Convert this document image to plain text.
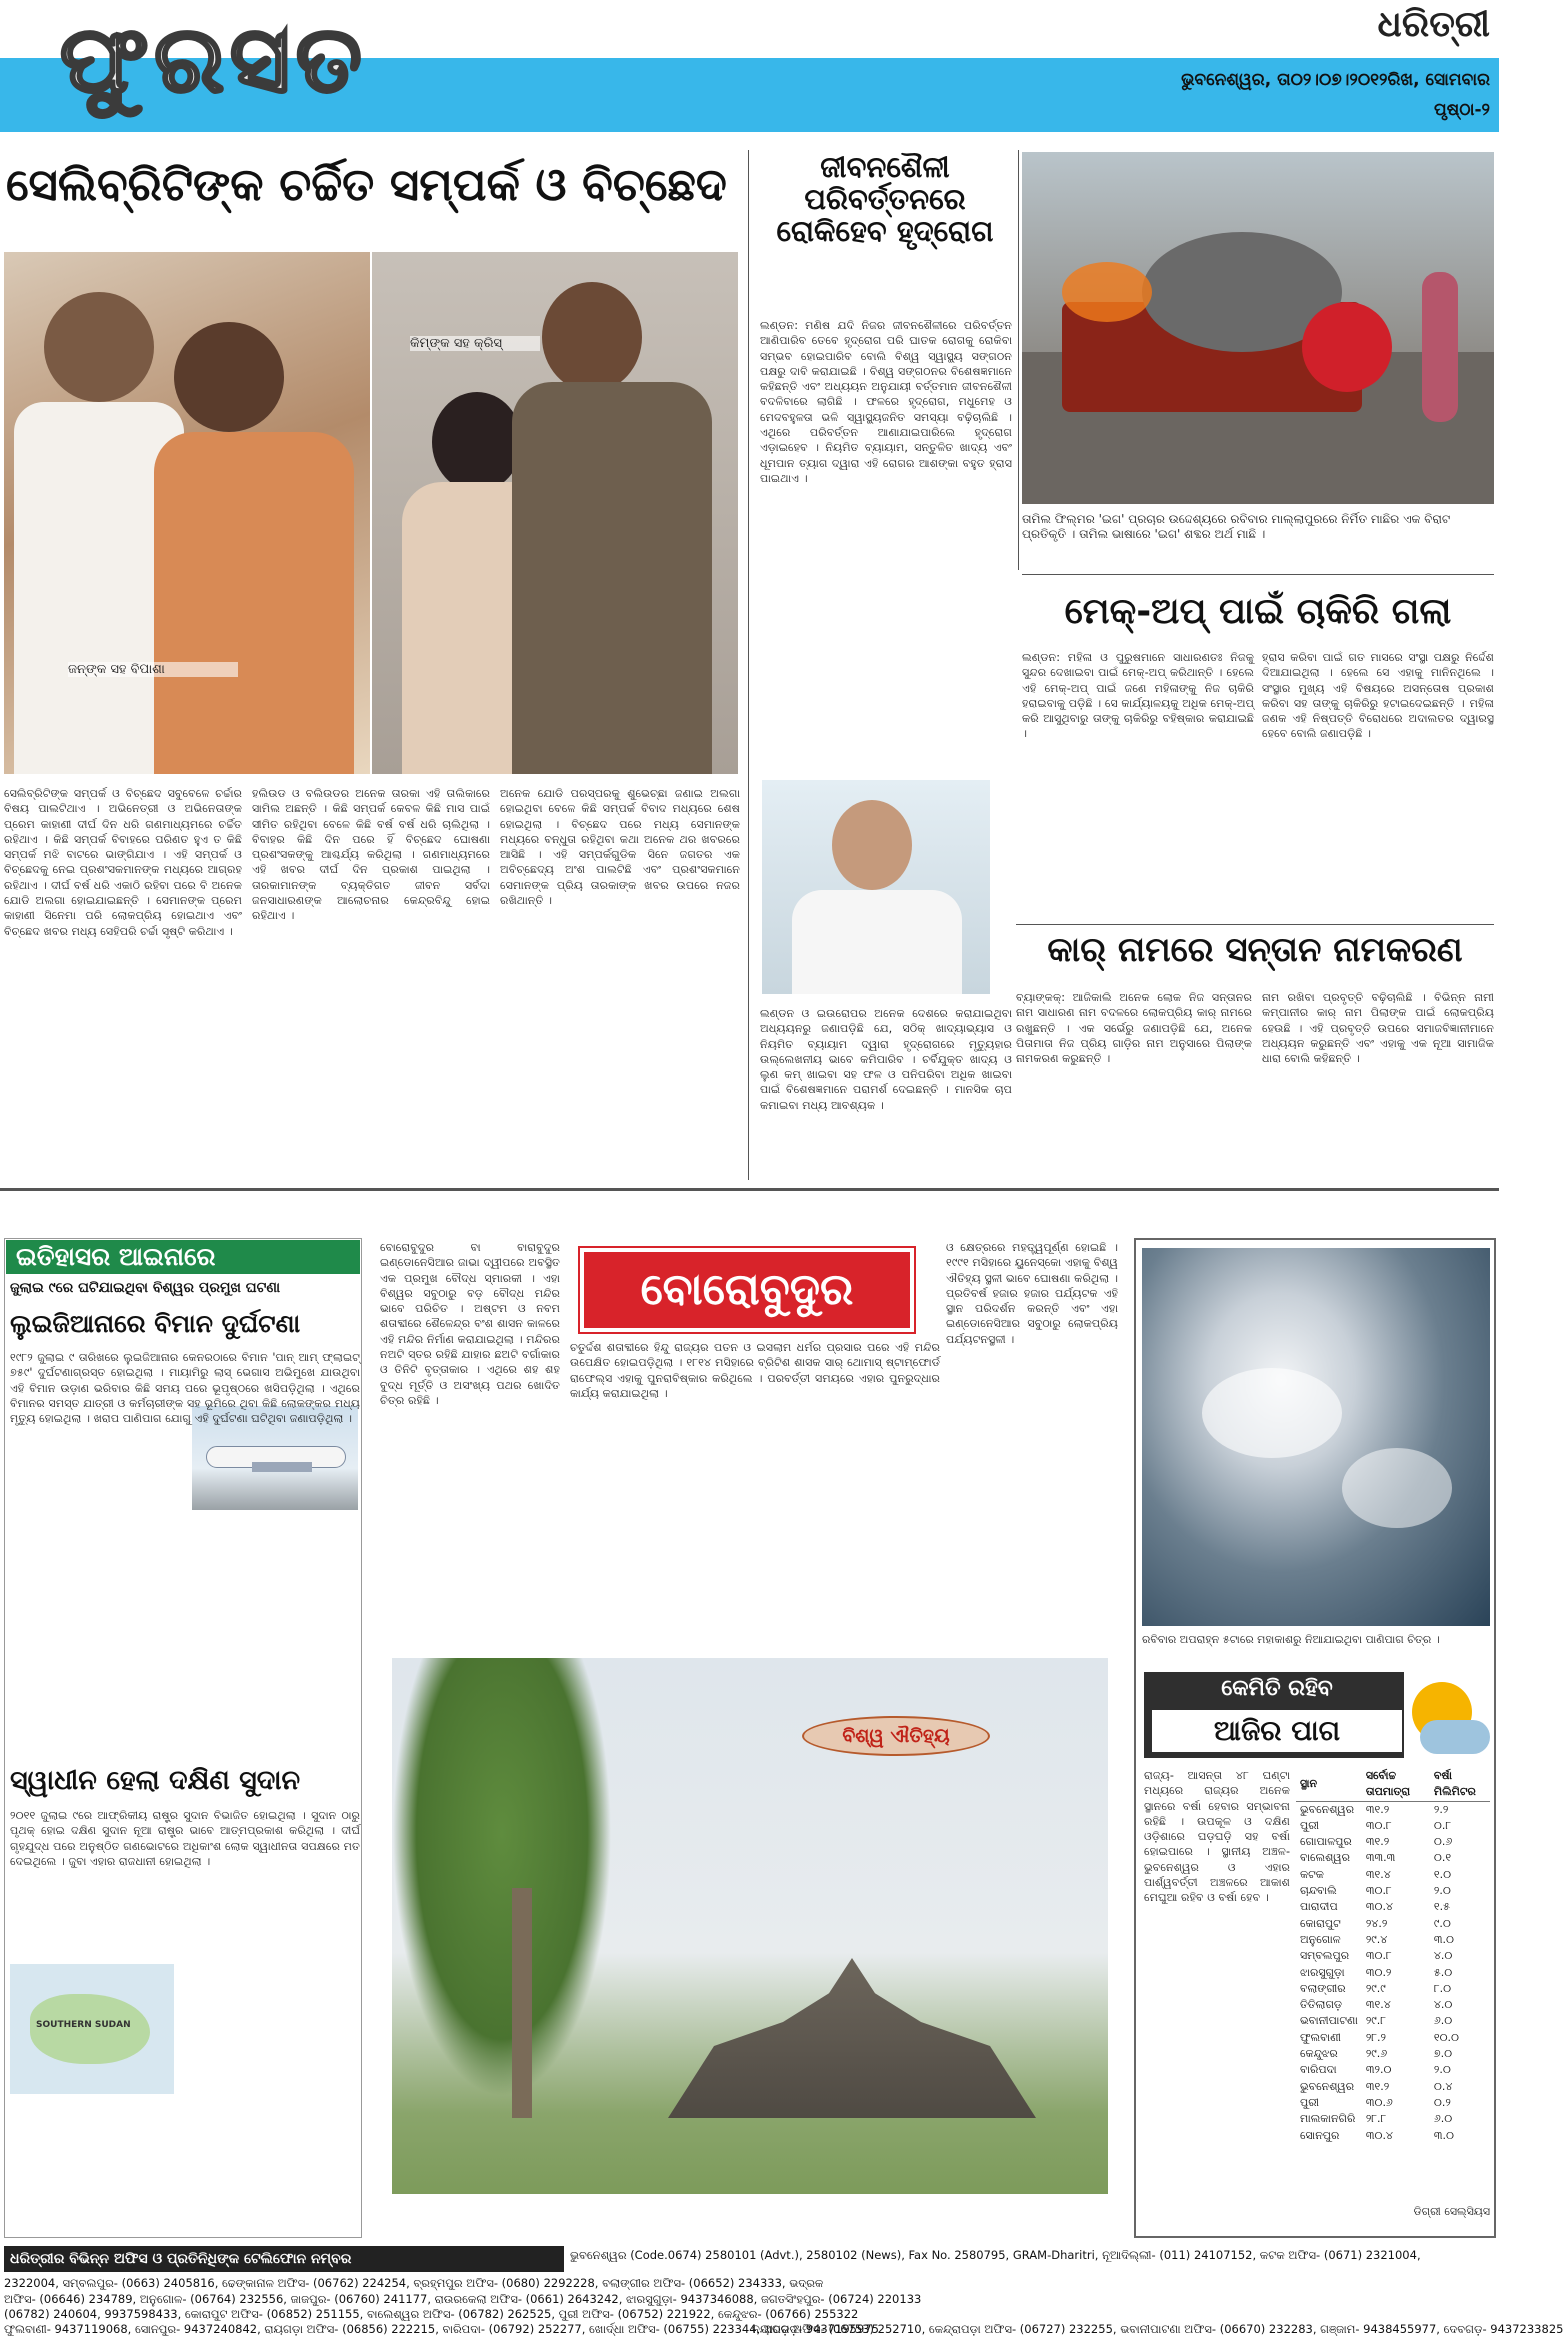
ଫୁରସତ	ଧରିତ୍ରୀ
ଭୁବନେଶ୍ୱର, ତା୦୨।୦୭।୨୦୧୨ରିଖ, ସୋମବାର
ପୃଷ୍ଠା-୨
ସେଲିବ୍ରିଟିଙ୍କ ଚର୍ଚ୍ଚିତ ସମ୍ପର୍କ ଓ ବିଚ୍ଛେଦ
ଜନ୍‌ଙ୍କ ସହ ବିପାଶା
କିମ୍‌ଙ୍କ ସହ କ୍ରିସ୍
ସେଲିବ୍ରିଟିଙ୍କ ସମ୍ପର୍କ ଓ ବିଚ୍ଛେଦ ସବୁବେଳେ ଚର୍ଚ୍ଚାର ବିଷୟ ପାଲଟିଥାଏ । ଅଭିନେତ୍ରୀ ଓ ଅଭିନେତାଙ୍କ ପ୍ରେମ କାହାଣୀ ଦୀର୍ଘ ଦିନ ଧରି ଗଣମାଧ୍ୟମରେ ଚର୍ଚ୍ଚିତ ରହିଥାଏ । କିଛି ସମ୍ପର୍କ ବିବାହରେ ପରିଣତ ହୁଏ ତ କିଛି ସମ୍ପର୍କ ମଝି ବାଟରେ ଭାଙ୍ଗିଯାଏ । ଏହି ସମ୍ପର୍କ ଓ ବିଚ୍ଛେଦକୁ ନେଇ ପ୍ରଶଂସକମାନଙ୍କ ମଧ୍ୟରେ ଆଗ୍ରହ ରହିଥାଏ । ଦୀର୍ଘ ବର୍ଷ ଧରି ଏକାଠି ରହିବା ପରେ ବି ଅନେକ ଯୋଡି ଅଲଗା ହୋଇଯାଇଛନ୍ତି । ସେମାନଙ୍କ ପ୍ରେମ କାହାଣୀ ସିନେମା ପରି ଲୋକପ୍ରିୟ ହୋଇଥାଏ ଏବଂ ବିଚ୍ଛେଦ ଖବର ମଧ୍ୟ ସେହିପରି ଚର୍ଚ୍ଚା ସୃଷ୍ଟି କରିଥାଏ ।
ହଲିଉଡ ଓ ବଲିଉଡର ଅନେକ ତାରକା ଏହି ତାଲିକାରେ ସାମିଲ ଅଛନ୍ତି । କିଛି ସମ୍ପର୍କ କେବଳ କିଛି ମାସ ପାଇଁ ସୀମିତ ରହିଥିବା ବେଳେ କିଛି ବର୍ଷ ବର୍ଷ ଧରି ଚାଲିଥିଲା । ବିବାହର କିଛି ଦିନ ପରେ ହିଁ ବିଚ୍ଛେଦ ଘୋଷଣା ପ୍ରଶଂସକଙ୍କୁ ଆଶ୍ଚର୍ଯ୍ୟ କରିଥିଲା । ଗଣମାଧ୍ୟମରେ ଏହି ଖବର ଦୀର୍ଘ ଦିନ ପ୍ରକାଶ ପାଇଥିଲା । ତାରକାମାନଙ୍କ ବ୍ୟକ୍ତିଗତ ଜୀବନ ସର୍ବଦା ଜନସାଧାରଣଙ୍କ ଆଲୋଚନାର କେନ୍ଦ୍ରବିନ୍ଦୁ ହୋଇ ରହିଥାଏ ।
ଅନେକ ଯୋଡି ପରସ୍ପରକୁ ଶୁଭେଚ୍ଛା ଜଣାଇ ଅଲଗା ହୋଇଥିବା ବେଳେ କିଛି ସମ୍ପର୍କ ବିବାଦ ମଧ୍ୟରେ ଶେଷ ହୋଇଥିଲା । ବିଚ୍ଛେଦ ପରେ ମଧ୍ୟ ସେମାନଙ୍କ ମଧ୍ୟରେ ବନ୍ଧୁତା ରହିଥିବା କଥା ଅନେକ ଥର ଖବରରେ ଆସିଛି । ଏହି ସମ୍ପର୍କଗୁଡିକ ସିନେ ଜଗତର ଏକ ଅବିଚ୍ଛେଦ୍ୟ ଅଂଶ ପାଲଟିଛି ଏବଂ ପ୍ରଶଂସକମାନେ ସେମାନଙ୍କ ପ୍ରିୟ ତାରକାଙ୍କ ଖବର ଉପରେ ନଜର ରଖିଥାନ୍ତି ।
ଜୀବନଶୈଳୀ ପରିବର୍ତ୍ତନରେ ରୋକିହେବ ହୃଦ୍‌ରୋଗ
ଲଣ୍ଡନ: ମଣିଷ ଯଦି ନିଜର ଜୀବନଶୈଳୀରେ ପରିବର୍ତ୍ତନ ଆଣିପାରିବ ତେବେ ହୃଦ୍‌ରୋଗ ପରି ଘାତକ ରୋଗକୁ ରୋକିବା ସମ୍ଭବ ହୋଇପାରିବ ବୋଲି ବିଶ୍ୱ ସ୍ୱାସ୍ଥ୍ୟ ସଙ୍ଗଠନ ପକ୍ଷରୁ ଦାବି କରାଯାଇଛି । ବିଶ୍ୱ ସଙ୍ଗଠନର ବିଶେଷଜ୍ଞମାନେ କହିଛନ୍ତି ଏବଂ ଅଧ୍ୟୟନ ଅନୁଯାୟୀ ବର୍ତ୍ତମାନ ଜୀବନଶୈଳୀ ବଦଳିବାରେ ଲାଗିଛି । ଫଳରେ ହୃଦ୍‌ରୋଗ, ମଧୁମେହ ଓ ମେଦବହୁଳତା ଭଳି ସ୍ୱାସ୍ଥ୍ୟଜନିତ ସମସ୍ୟା ବଢ଼ିଚାଲିଛି । ଏଥିରେ ପରିବର୍ତ୍ତନ ଆଣାଯାଇପାରିଲେ ହୃଦ୍‌ରୋଗ ଏଡ଼ାଇହେବ । ନିୟମିତ ବ୍ୟାୟାମ, ସନ୍ତୁଳିତ ଖାଦ୍ୟ ଏବଂ ଧୂମପାନ ତ୍ୟାଗ ଦ୍ୱାରା ଏହି ରୋଗର ଆଶଙ୍କା ବହୁତ ହ୍ରାସ ପାଇଥାଏ ।
ଲଣ୍ଡନ ଓ ଇଉରୋପର ଅନେକ ଦେଶରେ କରାଯାଇଥିବା ଅଧ୍ୟୟନରୁ ଜଣାପଡ଼ିଛି ଯେ, ସଠିକ୍ ଖାଦ୍ୟାଭ୍ୟାସ ଓ ନିୟମିତ ବ୍ୟାୟାମ ଦ୍ୱାରା ହୃଦ୍‌ରୋଗରେ ମୃତ୍ୟୁହାର ଉଲ୍ଲେଖନୀୟ ଭାବେ କମିପାରିବ । ଚର୍ବିଯୁକ୍ତ ଖାଦ୍ୟ ଓ ଲୁଣ କମ୍ ଖାଇବା ସହ ଫଳ ଓ ପନିପରିବା ଅଧିକ ଖାଇବା ପାଇଁ ବିଶେଷଜ୍ଞମାନେ ପରାମର୍ଶ ଦେଇଛନ୍ତି । ମାନସିକ ଚାପ କମାଇବା ମଧ୍ୟ ଆବଶ୍ୟକ ।
ତାମିଲ ଫିଲ୍ମର 'ଇଗ' ପ୍ରଚାର ଉଦ୍ଦେଶ୍ୟରେ ରବିବାର ମାଲ୍ଲାପୁରରେ ନିର୍ମିତ ମାଛିର ଏକ ବିରାଟ ପ୍ରତିକୃତି । ତାମିଲ ଭାଷାରେ 'ଇଗ' ଶବ୍ଦର ଅର୍ଥ ମାଛି ।
ମେକ୍-ଅପ୍ ପାଇଁ ଚାକିରି ଗଲା
ଲଣ୍ଡନ: ମହିଳା ଓ ପୁରୁଷମାନେ ସାଧାରଣତଃ ନିଜକୁ ସୁନ୍ଦର ଦେଖାଇବା ପାଇଁ ମେକ୍-ଅପ୍ କରିଥାନ୍ତି । ହେଲେ ଏହି ମେକ୍-ଅପ୍ ପାଇଁ ଜଣେ ମହିଳାଙ୍କୁ ନିଜ ଚାକିରି ହରାଇବାକୁ ପଡ଼ିଛି । ସେ କାର୍ଯ୍ୟାଳୟକୁ ଅଧିକ ମେକ୍-ଅପ୍ କରି ଆସୁଥିବାରୁ ତାଙ୍କୁ ଚାକିରିରୁ ବହିଷ୍କାର କରାଯାଇଛି ।
ହ୍ରାସ କରିବା ପାଇଁ ଗତ ମାସରେ ସଂସ୍ଥା ପକ୍ଷରୁ ନିର୍ଦ୍ଦେଶ ଦିଆଯାଇଥିଲା । ହେଲେ ସେ ଏହାକୁ ମାନିନଥିଲେ । ସଂସ୍ଥାର ମୁଖ୍ୟ ଏହି ବିଷୟରେ ଅସନ୍ତୋଷ ପ୍ରକାଶ କରିବା ସହ ତାଙ୍କୁ ଚାକିରିରୁ ହଟାଇଦେଇଛନ୍ତି । ମହିଳା ଜଣକ ଏହି ନିଷ୍ପତ୍ତି ବିରୋଧରେ ଅଦାଲତର ଦ୍ୱାରସ୍ଥ ହେବେ ବୋଲି ଜଣାପଡ଼ିଛି ।
କାର୍ ନାମରେ ସନ୍ତାନ ନାମକରଣ
ବ୍ୟାଙ୍କକ୍: ଆଜିକାଲି ଅନେକ ଲୋକ ନିଜ ସନ୍ତାନର ନାମ ସାଧାରଣ ନାମ ବଦଳରେ ଲୋକପ୍ରିୟ କାର୍ ନାମରେ ରଖୁଛନ୍ତି । ଏକ ସର୍ଭେରୁ ଜଣାପଡ଼ିଛି ଯେ, ଅନେକ ପିତାମାତା ନିଜ ପ୍ରିୟ ଗାଡ଼ିର ନାମ ଅନୁସାରେ ପିଲାଙ୍କ ନାମକରଣ କରୁଛନ୍ତି ।
ନାମ ରଖିବା ପ୍ରବୃତ୍ତି ବଢ଼ିଚାଲିଛି । ବିଭିନ୍ନ ନାମୀ କମ୍ପାନୀର କାର୍ ନାମ ପିଲାଙ୍କ ପାଇଁ ଲୋକପ୍ରିୟ ହେଉଛି । ଏହି ପ୍ରବୃତ୍ତି ଉପରେ ସମାଜବିଜ୍ଞାନୀମାନେ ଅଧ୍ୟୟନ କରୁଛନ୍ତି ଏବଂ ଏହାକୁ ଏକ ନୂଆ ସାମାଜିକ ଧାରା ବୋଲି କହିଛନ୍ତି ।
ଇତିହାସର ଆଇନାରେ
ଜୁଲାଇ ୯ରେ ଘଟିଯାଇଥିବା ବିଶ୍ୱର ପ୍ରମୁଖ ଘଟଣା
ଲୁଇଜିଆନାରେ ବିମାନ ଦୁର୍ଘଟଣା
୧୯୮୨ ଜୁଲାଇ ୯ ତାରିଖରେ ଲୁଇଜିଆନାର କେନରଠାରେ ବିମାନ 'ପାନ୍ ଆମ୍ ଫ୍ଲାଇଟ୍ ୭୫୯' ଦୁର୍ଘଟଣାଗ୍ରସ୍ତ ହୋଇଥିଲା । ମାୟାମିରୁ ଲାସ୍ ଭେଗାସ ଅଭିମୁଖେ ଯାଉଥିବା ଏହି ବିମାନ ଉଡ଼ାଣ ଭରିବାର କିଛି ସମୟ ପରେ ଭୂପୃଷ୍ଠରେ ଖସିପଡ଼ିଥିଲା । ଏଥିରେ ବିମାନର ସମସ୍ତ ଯାତ୍ରୀ ଓ କର୍ମଚାରୀଙ୍କ ସହ ଭୂମିରେ ଥିବା କିଛି ଲୋକଙ୍କର ମଧ୍ୟ ମୃତ୍ୟୁ ହୋଇଥିଲା । ଖରାପ ପାଣିପାଗ ଯୋଗୁ ଏହି ଦୁର୍ଘଟଣା ଘଟିଥିବା ଜଣାପଡ଼ିଥିଲା ।
ସ୍ୱାଧୀନ ହେଲା ଦକ୍ଷିଣ ସୁଦାନ
୨୦୧୧ ଜୁଲାଇ ୯ରେ ଆଫ୍ରିକୀୟ ରାଷ୍ଟ୍ର ସୁଦାନ ବିଭାଜିତ ହୋଇଥିଲା । ସୁଦାନ ଠାରୁ ପୃଥକ୍ ହୋଇ ଦକ୍ଷିଣ ସୁଦାନ ନୂଆ ରାଷ୍ଟ୍ର ଭାବେ ଆତ୍ମପ୍ରକାଶ କରିଥିଲା । ଦୀର୍ଘ ଗୃହଯୁଦ୍ଧ ପରେ ଅନୁଷ୍ଠିତ ଗଣଭୋଟରେ ଅଧିକାଂଶ ଲୋକ ସ୍ୱାଧୀନତା ସପକ୍ଷରେ ମତ ଦେଇଥିଲେ । ଜୁବା ଏହାର ରାଜଧାନୀ ହୋଇଥିଲା ।
SOUTHERN SUDAN
ବୋରୋବୁଦୁର ବା ବାରାବୁଦୁର ଇଣ୍ଡୋନେସିଆର ଜାଭା ଦ୍ୱୀପରେ ଅବସ୍ଥିତ ଏକ ପ୍ରମୁଖ ବୌଦ୍ଧ ସ୍ମାରକୀ । ଏହା ବିଶ୍ୱର ସବୁଠାରୁ ବଡ଼ ବୌଦ୍ଧ ମନ୍ଦିର ଭାବେ ପରିଚିତ । ଅଷ୍ଟମ ଓ ନବମ ଶତାବ୍ଦୀରେ ଶୈଳେନ୍ଦ୍ର ବଂଶ ଶାସନ କାଳରେ ଏହି ମନ୍ଦିର ନିର୍ମାଣ କରାଯାଇଥିଲା । ମନ୍ଦିରର ନଅଟି ସ୍ତର ରହିଛି ଯାହାର ଛଅଟି ବର୍ଗାକାର ଓ ତିନିଟି ବୃତ୍ତାକାର । ଏଥିରେ ଶହ ଶହ ବୁଦ୍ଧ ମୂର୍ତ୍ତି ଓ ଅସଂଖ୍ୟ ପଥର ଖୋଦିତ ଚିତ୍ର ରହିଛି ।
ବୋରୋବୁଦୁର
ଚତୁର୍ଦ୍ଦଶ ଶତାବ୍ଦୀରେ ହିନ୍ଦୁ ରାଜ୍ୟର ପତନ ଓ ଇସଲାମ ଧର୍ମର ପ୍ରସାର ପରେ ଏହି ମନ୍ଦିର ଉପେକ୍ଷିତ ହୋଇପଡ଼ିଥିଲା । ୧୮୧୪ ମସିହାରେ ବ୍ରିଟିଶ ଶାସକ ସାର୍ ଥୋମାସ୍ ଷ୍ଟାମ୍ଫୋର୍ଡ ରାଫେଲ୍‌ସ ଏହାକୁ ପୁନରାବିଷ୍କାର କରିଥିଲେ । ପରବର୍ତ୍ତୀ ସମୟରେ ଏହାର ପୁନରୁଦ୍ଧାର କାର୍ଯ୍ୟ କରାଯାଇଥିଲା ।
ଓ କ୍ଷେତ୍ରରେ ମହତ୍ତ୍ୱପୂର୍ଣ୍ଣ ହୋଇଛି । ୧୯୯୧ ମସିହାରେ ୟୁନେସ୍କୋ ଏହାକୁ ବିଶ୍ୱ ଐତିହ୍ୟ ସ୍ଥଳୀ ଭାବେ ଘୋଷଣା କରିଥିଲା । ପ୍ରତିବର୍ଷ ହଜାର ହଜାର ପର୍ଯ୍ୟଟକ ଏହି ସ୍ଥାନ ପରିଦର୍ଶନ କରନ୍ତି ଏବଂ ଏହା ଇଣ୍ଡୋନେସିଆର ସବୁଠାରୁ ଲୋକପ୍ରିୟ ପର୍ଯ୍ୟଟନସ୍ଥଳୀ ।
ବିଶ୍ୱ ଐତିହ୍ୟ
ରବିବାର ଅପରାହ୍ନ ୫ଟାରେ ମହାକାଶରୁ ନିଆଯାଇଥିବା ପାଣିପାଗ ଚିତ୍ର ।
କେମିତି ରହିବ
ଆଜିର ପାଗ
ରାଜ୍ୟ- ଆସନ୍ତା ୪୮ ଘଣ୍ଟା ମଧ୍ୟରେ ରାଜ୍ୟର ଅନେକ ସ୍ଥାନରେ ବର୍ଷା ହେବାର ସମ୍ଭାବନା ରହିଛି । ଉପକୂଳ ଓ ଦକ୍ଷିଣ ଓଡ଼ିଶାରେ ଘଡ଼ଘଡ଼ି ସହ ବର୍ଷା ହୋଇପାରେ । ସ୍ଥାନୀୟ ଅଞ୍ଚଳ- ଭୁବନେଶ୍ୱର ଓ ଏହାର ପାର୍ଶ୍ୱବର୍ତ୍ତୀ ଅଞ୍ଚଳରେ ଆକାଶ ମେଘୁଆ ରହିବ ଓ ବର୍ଷା ହେବ ।
ସ୍ଥାନ	ସର୍ବୋଚ୍ଚ ତାପମାତ୍ରା	ବର୍ଷା ମିଲିମିଟର
ଭୁବନେଶ୍ୱର	୩୧.୨	୨.୨
ପୁରୀ	୩୦.୮	୦.୮
ଗୋପାଳପୁର	୩୧.୨	୦.୬
ବାଲେଶ୍ୱର	୩୩.୩	୦.୧
କଟକ	୩୧.୪	୧.୦
ଚାନ୍ଦବାଲି	୩୦.୮	୨.୦
ପାରାଦୀପ	୩୦.୪	୧.୫
କୋରାପୁଟ	୨୪.୨	୯.୦
ଅନୁଗୋଳ	୨୯.୪	୩.୦
ସମ୍ବଲପୁର	୩୦.୮	୪.୦
ଝାରସୁଗୁଡ଼ା	୩୦.୨	୫.୦
ବଲାଙ୍ଗୀର	୨୯.୯	୮.୦
ତିତିଲାଗଡ଼	୩୧.୪	୪.୦
ଭବାନୀପାଟଣା	୨୯.୮	୬.୦
ଫୁଲବାଣୀ	୨୮.୨	୧୦.୦
କେନ୍ଦୁଝର	୨୯.୬	୭.୦
ବାରିପଦା	୩୨.୦	୨.୦
ଭୁବନେଶ୍ୱର	୩୧.୨	୦.୪
ପୁରୀ	୩୦.୬	୦.୨
ମାଲକାନଗିରି	୨୮.୮	୬.୦
ସୋନପୁର	୩୦.୪	୩.୦
ଡିଗ୍ରୀ ସେଲ୍‌ସିୟସ
ଧରିତ୍ରୀର ବିଭିନ୍ନ ଅଫିସ ଓ ପ୍ରତିନିଧିଙ୍କ ଟେଲିଫୋନ ନମ୍ବର	ଭୁବନେଶ୍ୱର (Code.0674) 2580101 (Advt.), 2580102 (News), Fax No. 2580795, GRAM-Dharitri, ନୂଆଦିଲ୍ଲୀ- (011) 24107152, କଟକ ଅଫିସ- (0671) 2321004,
2322004, ସମ୍ବଲପୁର- (0663) 2405816, ଢେଙ୍କାନାଳ ଅଫିସ- (06762) 224254, ବ୍ରହ୍ମପୁର ଅଫିସ- (0680) 2292228, ବଲାଙ୍ଗୀର ଅଫିସ- (06652) 234333, ଭଦ୍ରକ
ଅଫିସ- (06646) 234789, ଅନୁଗୋଳ- (06764) 232556, ଜାଜପୁର- (06760) 241177, ରାଉରକେଲା ଅଫିସ- (0661) 2643242, ଝାରସୁଗୁଡ଼ା- 9437346088, ଜଗତସିଂହପୁର- (06724) 220133
(06782) 240604, 9937598433, କୋରାପୁଟ ଅଫିସ- (06852) 251155, ବାଲେଶ୍ୱର ଅଫିସ- (06782) 262525, ପୁରୀ ଅଫିସ- (06752) 221922, କେନ୍ଦୁଝର- (06766) 255322
ଫୁଲବାଣୀ- 9437119068, ସୋନପୁର- 9437240842, ରାୟଗଡ଼ା ଅଫିସ- (06856) 222215, ବାରିପଦା- (06792) 252277, ଖୋର୍ଦ୍ଧା ଅଫିସ- (06755) 223344, ଅଠଗଡ଼- 9437195975
ନୟାଗଡ଼ ଅଫିସ- (06753) 252710, କେନ୍ଦ୍ରାପଡ଼ା ଅଫିସ- (06727) 232255, ଭବାନୀପାଟଣା ଅଫିସ- (06670) 232283, ଗଞ୍ଜାମ- 9438455977, ଦେବଗଡ଼- 9437233825
